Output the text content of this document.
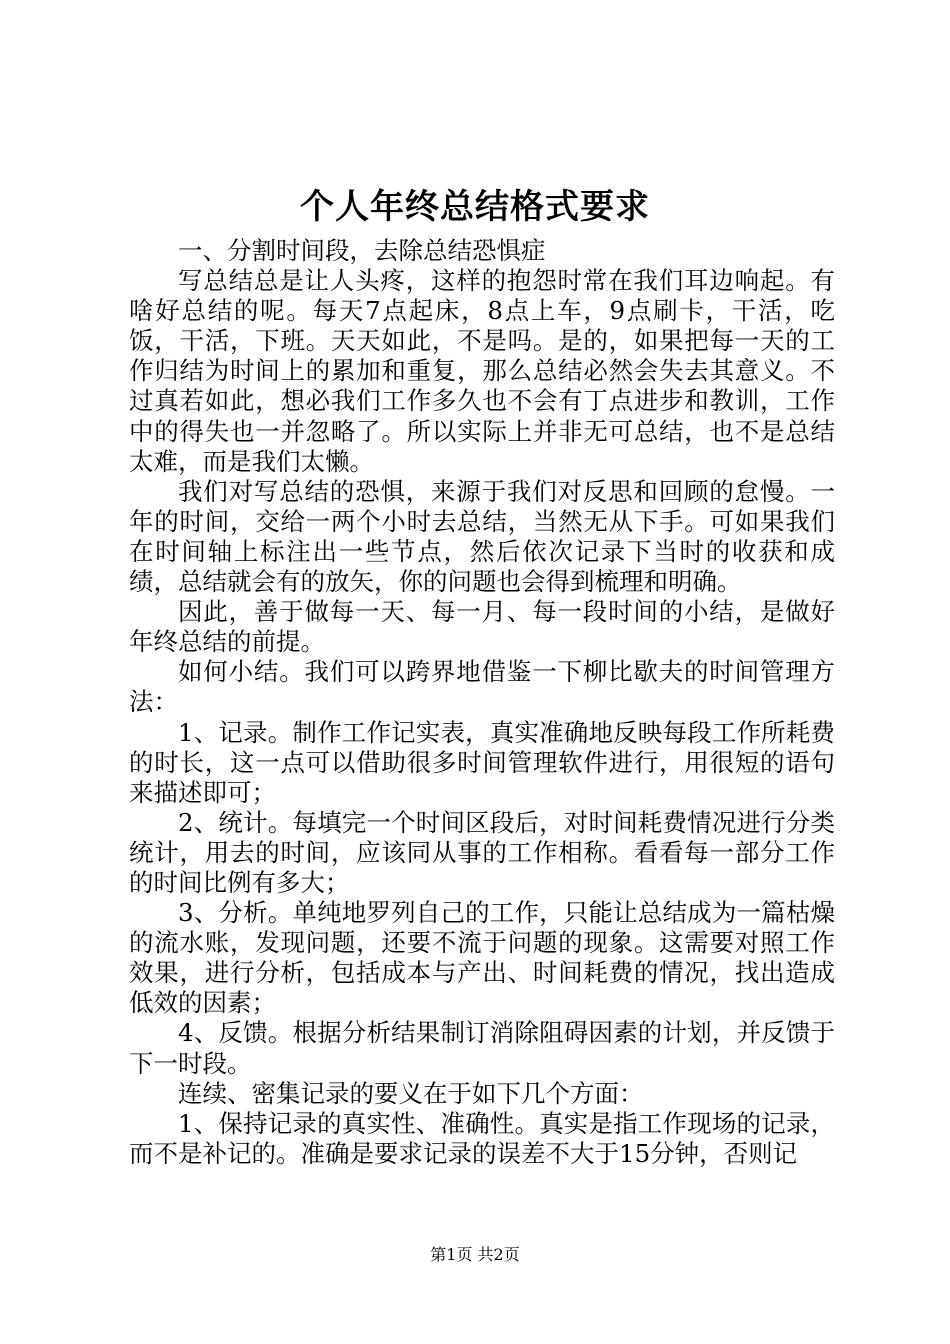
个人年终总结格式要求

一、分割时间段，去除总结恐惧症

写总结总是让人头疼，这样的抱怨时常在我们耳边响起。有啥好总结的呢。每天7点起床，8点上车，9点刷卡，干活，吃饭，干活，下班。天天如此，不是吗。是的，如果把每一天的工作归结为时间上的累加和重复，那么总结必然会失去其意义。不过真若如此，想必我们工作多久也不会有丁点进步和教训，工作中的得失也一并忽略了。所以实际上并非无可总结，也不是总结太难，而是我们太懒。

我们对写总结的恐惧，来源于我们对反思和回顾的怠慢。一年的时间，交给一两个小时去总结，当然无从下手。可如果我们在时间轴上标注出一些节点，然后依次记录下当时的收获和成绩，总结就会有的放矢，你的问题也会得到梳理和明确。

因此，善于做每一天、每一月、每一段时间的小结，是做好年终总结的前提。

如何小结。我们可以跨界地借鉴一下柳比歇夫的时间管理方法：

1、记录。制作工作记实表，真实准确地反映每段工作所耗费的时长，这一点可以借助很多时间管理软件进行，用很短的语句来描述即可；

2、统计。每填完一个时间区段后，对时间耗费情况进行分类统计，用去的时间，应该同从事的工作相称。看看每一部分工作的时间比例有多大；

3、分析。单纯地罗列自己的工作，只能让总结成为一篇枯燥的流水账，发现问题，还要不流于问题的现象。这需要对照工作效果，进行分析，包括成本与产出、时间耗费的情况，找出造成低效的因素；

4、反馈。根据分析结果制订消除阻碍因素的计划，并反馈于下一时段。

连续、密集记录的要义在于如下几个方面：

1、保持记录的真实性、准确性。真实是指工作现场的记录，而不是补记的。准确是要求记录的误差不大于15分钟，否则记

第1页 共2页
